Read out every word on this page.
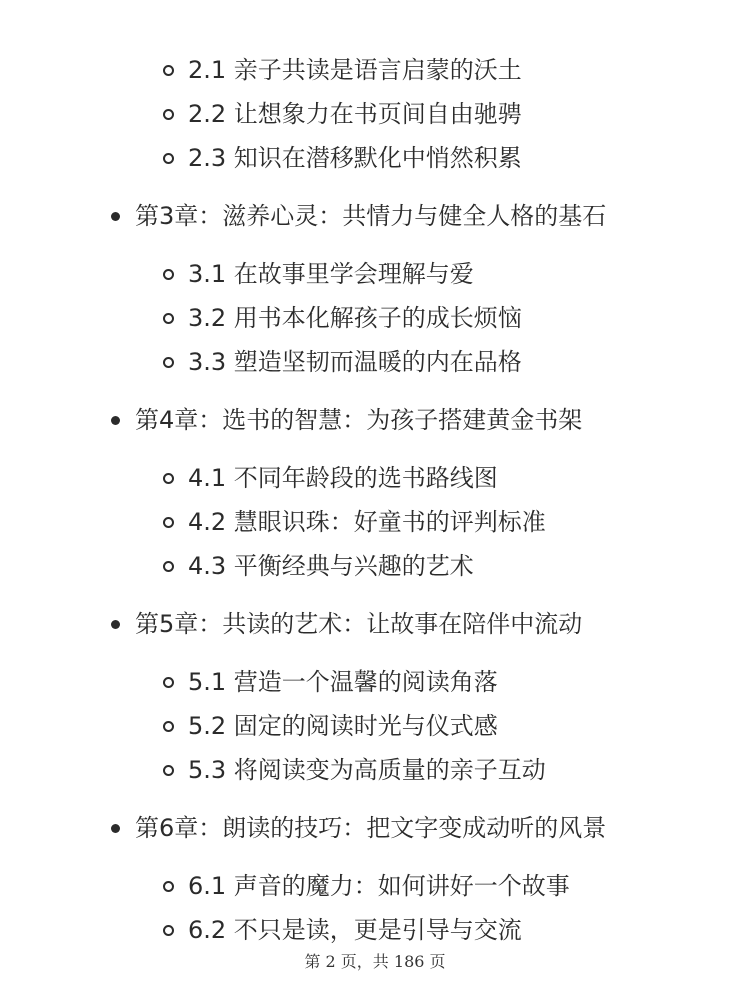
2.1 亲子共读是语言启蒙的沃土
2.2 让想象力在书页间自由驰骋
2.3 知识在潜移默化中悄然积累
第3章：滋养心灵：共情力与健全人格的基石
3.1 在故事里学会理解与爱
3.2 用书本化解孩子的成长烦恼
3.3 塑造坚韧而温暖的内在品格
第4章：选书的智慧：为孩子搭建黄金书架
4.1 不同年龄段的选书路线图
4.2 慧眼识珠：好童书的评判标准
4.3 平衡经典与兴趣的艺术
第5章：共读的艺术：让故事在陪伴中流动
5.1 营造一个温馨的阅读角落
5.2 固定的阅读时光与仪式感
5.3 将阅读变为高质量的亲子互动
第6章：朗读的技巧：把文字变成动听的风景
6.1 声音的魔力：如何讲好一个故事
6.2 不只是读，更是引导与交流
第 2 页，共 186 页
